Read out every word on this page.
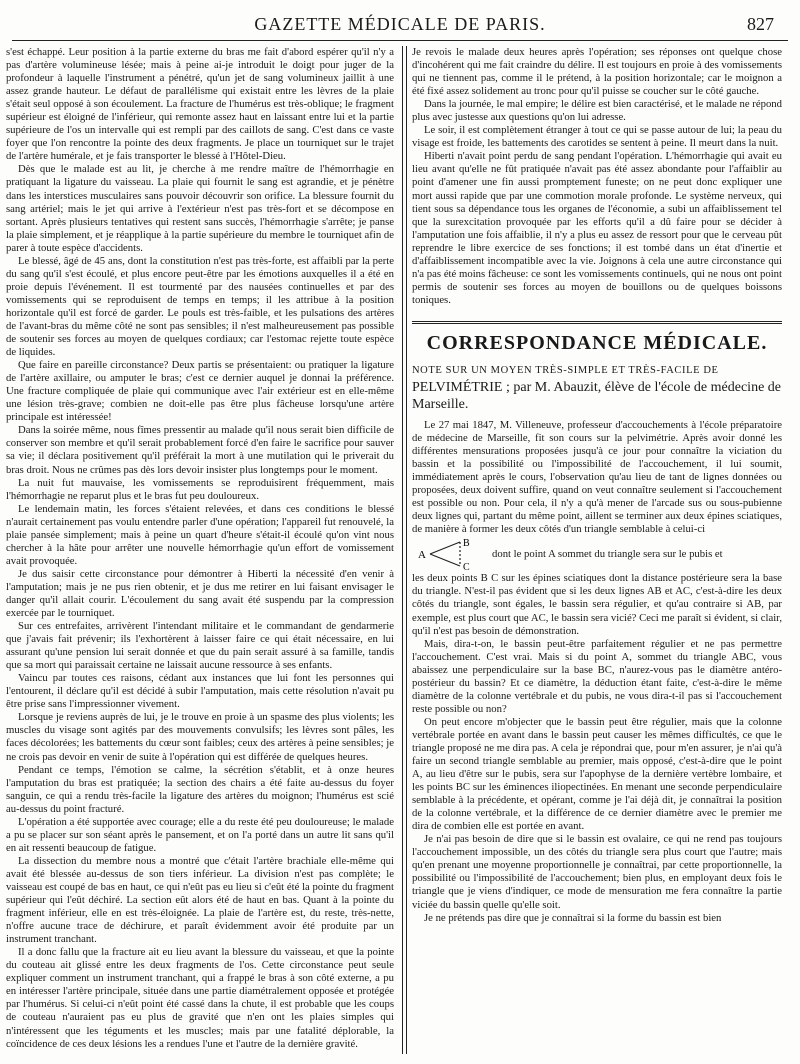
GAZETTE MÉDICALE DE PARIS.	827

s'est échappé. Leur position à la partie externe du bras me fait d'abord espérer qu'il n'y a pas d'artère volumineuse lésée; mais à peine ai-je introduit le doigt pour juger de la profondeur à laquelle l'instrument a pénétré, qu'un jet de sang volumineux jaillit à une assez grande hauteur. Le défaut de parallélisme qui existait entre les lèvres de la plaie s'était seul opposé à son écoulement. La fracture de l'humérus est très-oblique; le fragment supérieur est éloigné de l'inférieur, qui remonte assez haut en laissant entre lui et la partie supérieure de l'os un intervalle qui est rempli par des caillots de sang. C'est dans ce vaste foyer que l'on rencontre la pointe des deux fragments. Je place un tourniquet sur le trajet de l'artère humérale, et je fais transporter le blessé à l'Hôtel-Dieu.

Dès que le malade est au lit, je cherche à me rendre maître de l'hémorrhagie en pratiquant la ligature du vaisseau. La plaie qui fournit le sang est agrandie, et je pénètre dans les interstices musculaires sans pouvoir découvrir son orifice. La blessure fournit du sang artériel; mais le jet qui arrive à l'extérieur n'est pas très-fort et se décompose en sortant. Après plusieurs tentatives qui restent sans succès, l'hémorrhagie s'arrête; je panse la plaie simplement, et je réapplique à la partie supérieure du membre le tourniquet afin de parer à toute espèce d'accidents.

Le blessé, âgé de 45 ans, dont la constitution n'est pas très-forte, est affaibli par la perte du sang qu'il s'est écoulé, et plus encore peut-être par les émotions auxquelles il a été en proie depuis l'événement. Il est tourmenté par des nausées continuelles et par des vomissements qui se reproduisent de temps en temps; il les attribue à la position horizontale qu'il est forcé de garder. Le pouls est très-faible, et les pulsations des artères de l'avant-bras du même côté ne sont pas sensibles; il n'est malheureusement pas possible de soutenir ses forces au moyen de quelques cordiaux; car l'estomac rejette toute espèce de liquides.

Que faire en pareille circonstance? Deux partis se présentaient: ou pratiquer la ligature de l'artère axillaire, ou amputer le bras; c'est ce dernier auquel je donnai la préférence. Une fracture compliquée de plaie qui communique avec l'air extérieur est en elle-même une lésion très-grave; combien ne doit-elle pas être plus fâcheuse lorsqu'une artère principale est intéressée!

Dans la soirée même, nous fîmes pressentir au malade qu'il nous serait bien difficile de conserver son membre et qu'il serait probablement forcé d'en faire le sacrifice pour sauver sa vie; il déclara positivement qu'il préférait la mort à une mutilation qui le priverait du bras droit. Nous ne crûmes pas dès lors devoir insister plus longtemps pour le moment.

La nuit fut mauvaise, les vomissements se reproduisirent fréquemment, mais l'hémorrhagie ne reparut plus et le bras fut peu douloureux.

Le lendemain matin, les forces s'étaient relevées, et dans ces conditions le blessé n'aurait certainement pas voulu entendre parler d'une opération; l'appareil fut renouvelé, la plaie pansée simplement; mais à peine un quart d'heure s'était-il écoulé qu'on vint nous chercher à la hâte pour arrêter une nouvelle hémorrhagie qu'un effort de vomissement avait provoquée.

Je dus saisir cette circonstance pour démontrer à Hiberti la nécessité d'en venir à l'amputation; mais je ne pus rien obtenir, et je dus me retirer en lui faisant envisager le danger qu'il allait courir. L'écoulement du sang avait été suspendu par la compression exercée par le tourniquet.

Sur ces entrefaites, arrivèrent l'intendant militaire et le commandant de gendarmerie que j'avais fait prévenir; ils l'exhortèrent à laisser faire ce qui était nécessaire, en lui assurant qu'une pension lui serait donnée et que du pain serait assuré à sa famille, tandis que sa mort qui paraissait certaine ne laissait aucune ressource à ses enfants.

Vaincu par toutes ces raisons, cédant aux instances que lui font les personnes qui l'entourent, il déclare qu'il est décidé à subir l'amputation, mais cette résolution n'avait pu être prise sans l'impressionner vivement.

Lorsque je reviens auprès de lui, je le trouve en proie à un spasme des plus violents; les muscles du visage sont agités par des mouvements convulsifs; les lèvres sont pâles, les faces décolorées; les battements du cœur sont faibles; ceux des artères à peine sensibles; je ne crois pas devoir en venir de suite à l'opération qui est différée de quelques heures.

Pendant ce temps, l'émotion se calme, la sécrétion s'établit, et à onze heures l'amputation du bras est pratiquée; la section des chairs a été faite au-dessus du foyer sanguin, ce qui a rendu très-facile la ligature des artères du moignon; l'humérus est scié au-dessus du point fracturé.

L'opération a été supportée avec courage; elle a du reste été peu douloureuse; le malade a pu se placer sur son séant après le pansement, et on l'a porté dans un autre lit sans qu'il en ait ressenti beaucoup de fatigue.

La dissection du membre nous a montré que c'était l'artère brachiale elle-même qui avait été blessée au-dessus de son tiers inférieur. La division n'est pas complète; le vaisseau est coupé de bas en haut, ce qui n'eût pas eu lieu si c'eût été la pointe du fragment supérieur qui l'eût déchiré. La section eût alors été de haut en bas. Quant à la pointe du fragment inférieur, elle en est très-éloignée. La plaie de l'artère est, du reste, très-nette, n'offre aucune trace de déchirure, et paraît évidemment avoir été produite par un instrument tranchant.

Il a donc fallu que la fracture ait eu lieu avant la blessure du vaisseau, et que la pointe du couteau ait glissé entre les deux fragments de l'os. Cette circonstance peut seule expliquer comment un instrument tranchant, qui a frappé le bras à son côté externe, a pu en intéresser l'artère principale, située dans une partie diamétralement opposée et protégée par l'humérus. Si celui-ci n'eût point été cassé dans la chute, il est probable que les coups de couteau n'auraient pas eu plus de gravité que n'en ont les plaies simples qui n'intéressent que les téguments et les muscles; mais par une fatalité déplorable, la coïncidence de ces deux lésions les a rendues l'une et l'autre de la dernière gravité.

Je revois le malade deux heures après l'opération; ses réponses ont quelque chose d'incohérent qui me fait craindre du délire. Il est toujours en proie à des vomissements qui ne tiennent pas, comme il le prétend, à la position horizontale; car le moignon a été fixé assez solidement au tronc pour qu'il puisse se coucher sur le côté gauche.

Dans la journée, le mal empire; le délire est bien caractérisé, et le malade ne répond plus avec justesse aux questions qu'on lui adresse.

Le soir, il est complètement étranger à tout ce qui se passe autour de lui; la peau du visage est froide, les battements des carotides se sentent à peine. Il meurt dans la nuit.

Hiberti n'avait point perdu de sang pendant l'opération. L'hémorrhagie qui avait eu lieu avant qu'elle ne fût pratiquée n'avait pas été assez abondante pour l'affaiblir au point d'amener une fin aussi promptement funeste; on ne peut donc expliquer une mort aussi rapide que par une commotion morale profonde. Le système nerveux, qui tient sous sa dépendance tous les organes de l'économie, a subi un affaiblissement tel que la surexcitation provoquée par les efforts qu'il a dû faire pour se décider à l'amputation une fois affaiblie, il n'y a plus eu assez de ressort pour que le cerveau pût reprendre le libre exercice de ses fonctions; il est tombé dans un état d'inertie et d'affaiblissement incompatible avec la vie. Joignons à cela une autre circonstance qui n'a pas été moins fâcheuse: ce sont les vomissements continuels, qui ne nous ont point permis de soutenir ses forces au moyen de bouillons ou de quelques boissons toniques.

CORRESPONDANCE MÉDICALE.
NOTE SUR UN MOYEN TRÈS-SIMPLE ET TRÈS-FACILE DE
PELVIMÉTRIE ; par M. Abauzit, élève de l'école de médecine de Marseille.

Le 27 mai 1847, M. Villeneuve, professeur d'accouchements à l'école préparatoire de médecine de Marseille, fit son cours sur la pelvimétrie. Après avoir donné les différentes mensurations proposées jusqu'à ce jour pour connaître la viciation du bassin et la possibilité ou l'impossibilité de l'accouchement, il lui soumit, immédiatement après le cours, l'observation qu'au lieu de tant de lignes données ou proposées, deux doivent suffire, quand on veut connaître seulement si l'accouchement est possible ou non. Pour cela, il n'y a qu'à mener de l'arcade sus ou sous-pubienne deux lignes qui, partant du même point, aillent se terminer aux deux épines sciatiques, de manière à former les deux côtés d'un triangle semblable à celui-ci

A
B
C
dont le point A sommet du triangle sera sur le pubis et

les deux points B C sur les épines sciatiques dont la distance postérieure sera la base du triangle. N'est-il pas évident que si les deux lignes AB et AC, c'est-à-dire les deux côtés du triangle, sont égales, le bassin sera régulier, et qu'au contraire si AB, par exemple, est plus court que AC, le bassin sera vicié? Ceci me paraît si évident, si clair, qu'il n'est pas besoin de démonstration.

Mais, dira-t-on, le bassin peut-être parfaitement régulier et ne pas permettre l'accouchement. C'est vrai. Mais si du point A, sommet du triangle ABC, vous abaissez une perpendiculaire sur la base BC, n'aurez-vous pas le diamètre antéro-postérieur du bassin? Et ce diamètre, la déduction étant faite, c'est-à-dire le même diamètre de la colonne vertébrale et du pubis, ne vous dira-t-il pas si l'accouchement reste possible ou non?

On peut encore m'objecter que le bassin peut être régulier, mais que la colonne vertébrale portée en avant dans le bassin peut causer les mêmes difficultés, ce que le triangle proposé ne me dira pas. A cela je répondrai que, pour m'en assurer, je n'ai qu'à faire un second triangle semblable au premier, mais opposé, c'est-à-dire que le point A, au lieu d'être sur le pubis, sera sur l'apophyse de la dernière vertèbre lombaire, et les points BC sur les éminences iliopectinées. En menant une seconde perpendiculaire semblable à la précédente, et opérant, comme je l'ai déjà dit, je connaîtrai la position de la colonne vertébrale, et la différence de ce dernier diamètre avec le premier me dira de combien elle est portée en avant.

Je n'ai pas besoin de dire que si le bassin est ovalaire, ce qui ne rend pas toujours l'accouchement impossible, un des côtés du triangle sera plus court que l'autre; mais qu'en prenant une moyenne proportionnelle je connaîtrai, par cette proportionnelle, la possibilité ou l'impossibilité de l'accouchement; bien plus, en employant deux fois le triangle que je viens d'indiquer, ce mode de mensuration me fera connaître la partie viciée du bassin quelle qu'elle soit.

Je ne prétends pas dire que je connaîtrai si la forme du bassin est bien
